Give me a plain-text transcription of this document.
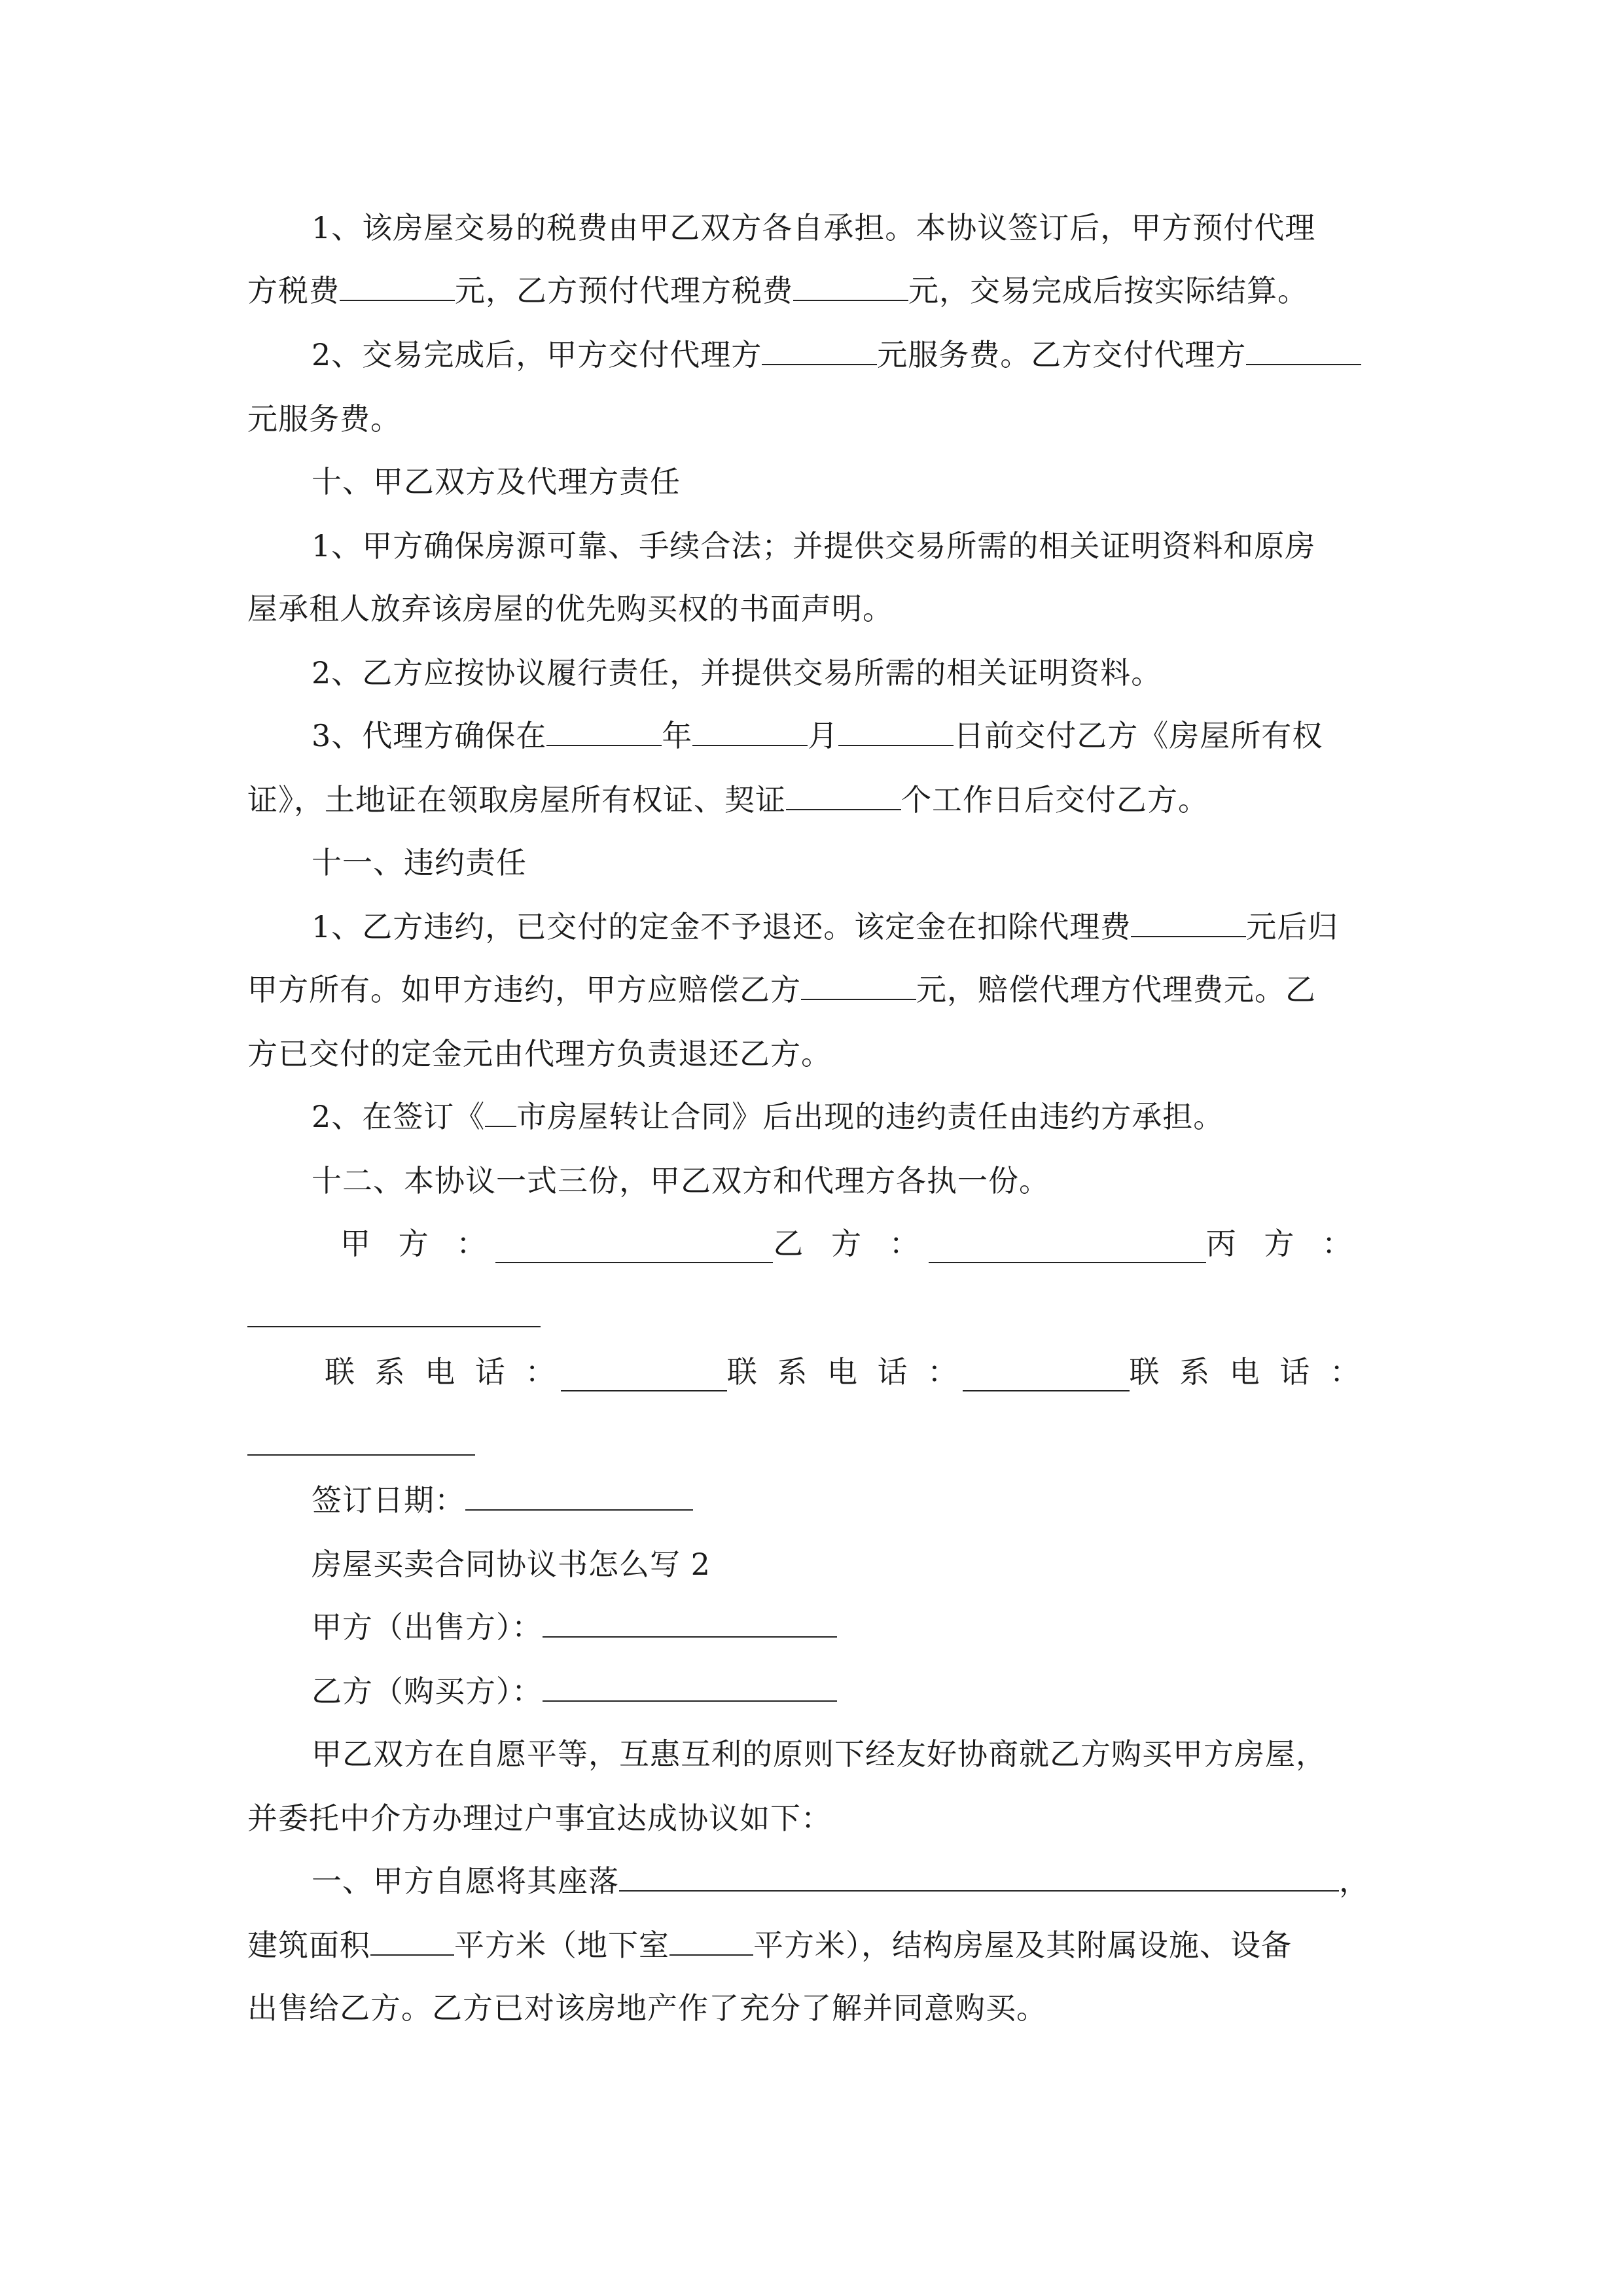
1、该房屋交易的税费由甲乙双方各自承担。本协议签订后，甲方预付代理
方税费	元，乙方预付代理方税费	元，交易完成后按实际结算。
2、交易完成后，甲方交付代理方	元服务费。乙方交付代理方
元服务费。
十、甲乙双方及代理方责任
1、甲方确保房源可靠、手续合法；并提供交易所需的相关证明资料和原房
屋承租人放弃该房屋的优先购买权的书面声明。
2、乙方应按协议履行责任，并提供交易所需的相关证明资料。
3、代理方确保在	年	月	日前交付乙方《房屋所有权
证》，土地证在领取房屋所有权证、契证	个工作日后交付乙方。
十一、违约责任
1、乙方违约，已交付的定金不予退还。该定金在扣除代理费	元后归
甲方所有。如甲方违约，甲方应赔偿乙方	元，赔偿代理方代理费元。乙
方已交付的定金元由代理方负责退还乙方。
2、在签订《 市房屋转让合同》后出现的违约责任由违约方承担。
十二、本协议一式三份，甲乙双方和代理方各执一份。
甲 方 ：	乙 方 ：	丙 方 ：
联 系 电 话 ：	联 系 电 话 ：	联 系 电 话 ：
签订日期：
房屋买卖合同协议书怎么写 2
甲方（出售方）：
乙方（购买方）：
甲乙双方在自愿平等，互惠互利的原则下经友好协商就乙方购买甲方房屋，
并委托中介方办理过户事宜达成协议如下：
一、甲方自愿将其座落	，
建筑面积	平方米（地下室	平方米），结构房屋及其附属设施、设备
出售给乙方。乙方已对该房地产作了充分了解并同意购买。
